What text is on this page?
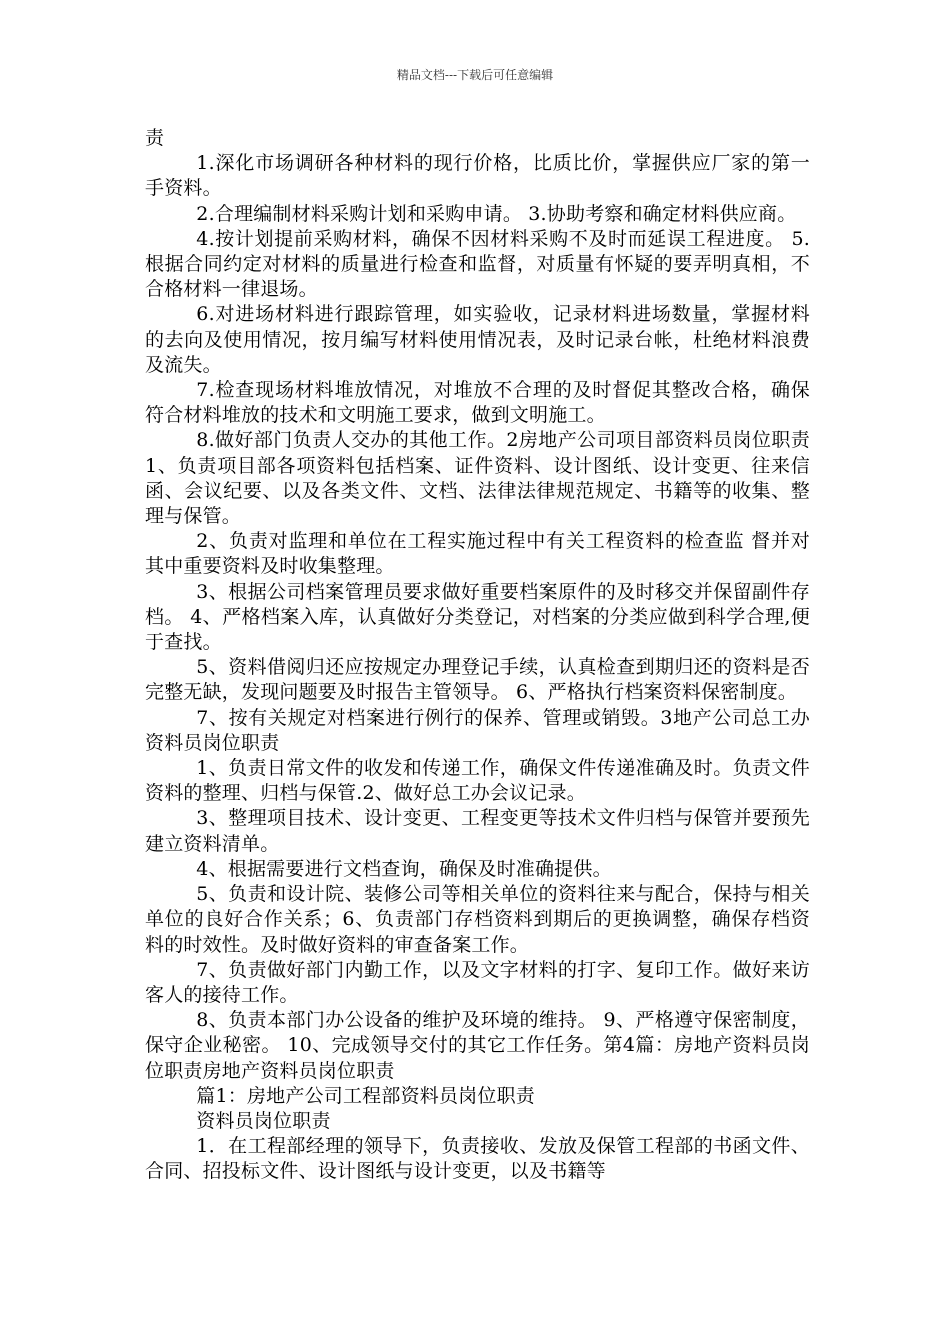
精品文档---下载后可任意编辑

责

1.深化市场调研各种材料的现行价格，比质比价，掌握供应厂家的第一手资料。

2.合理编制材料采购计划和采购申请。 3.协助考察和确定材料供应商。

4.按计划提前采购材料，确保不因材料采购不及时而延误工程进度。 5.根据合同约定对材料的质量进行检查和监督，对质量有怀疑的要弄明真相，不合格材料一律退场。

6.对进场材料进行跟踪管理，如实验收，记录材料进场数量，掌握材料的去向及使用情况，按月编写材料使用情况表，及时记录台帐，杜绝材料浪费及流失。

7.检查现场材料堆放情况，对堆放不合理的及时督促其整改合格，确保符合材料堆放的技术和文明施工要求，做到文明施工。

8.做好部门负责人交办的其他工作。2房地产公司项目部资料员岗位职责 1、负责项目部各项资料包括档案、证件资料、设计图纸、设计变更、往来信函、会议纪要、以及各类文件、文档、法律法律规范规定、书籍等的收集、整理与保管。

2、负责对监理和单位在工程实施过程中有关工程资料的检查监 督并对其中重要资料及时收集整理。

3、根据公司档案管理员要求做好重要档案原件的及时移交并保留副件存档。 4、严格档案入库，认真做好分类登记，对档案的分类应做到科学合理,便于查找。

5、资料借阅归还应按规定办理登记手续，认真检查到期归还的资料是否完整无缺，发现问题要及时报告主管领导。 6、严格执行档案资料保密制度。

7、按有关规定对档案进行例行的保养、管理或销毁。3地产公司总工办资料员岗位职责

1、负责日常文件的收发和传递工作，确保文件传递准确及时。负责文件资料的整理、归档与保管.2、做好总工办会议记录。

3、整理项目技术、设计变更、工程变更等技术文件归档与保管并要预先建立资料清单。

4、根据需要进行文档查询，确保及时准确提供。

5、负责和设计院、装修公司等相关单位的资料往来与配合，保持与相关单位的良好合作关系；6、负责部门存档资料到期后的更换调整，确保存档资料的时效性。及时做好资料的审查备案工作。

7、负责做好部门内勤工作，以及文字材料的打字、复印工作。做好来访客人的接待工作。

8、负责本部门办公设备的维护及环境的维持。 9、严格遵守保密制度，保守企业秘密。 10、完成领导交付的其它工作任务。第4篇：房地产资料员岗位职责房地产资料员岗位职责

篇1：房地产公司工程部资料员岗位职责

资料员岗位职责

1．在工程部经理的领导下，负责接收、发放及保管工程部的书函文件、合同、招投标文件、设计图纸与设计变更，以及书籍等
